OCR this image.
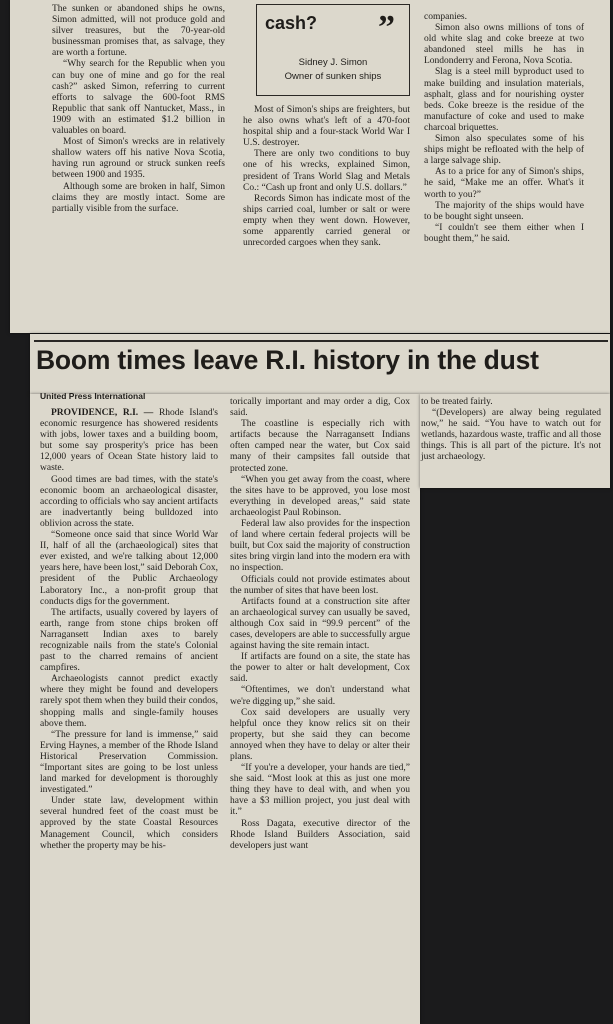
The sunken or abandoned ships he owns, Simon admitted, will not produce gold and silver treasures, but the 70-year-old businessman promises that, as salvage, they are worth a fortune.

“Why search for the Republic when you can buy one of mine and go for the real cash?” asked Simon, referring to current efforts to salvage the 600-foot RMS Republic that sank off Nantucket, Mass., in 1909 with an estimated $1.2 billion in valuables on board.

Most of Simon's wrecks are in relatively shallow waters off his native Nova Scotia, having run aground or struck sunken reefs between 1900 and 1935.

Although some are broken in half, Simon claims they are mostly intact. Some are partially visible from the surface.

cash? ”
Sidney J. Simon
Owner of sunken ships

Most of Simon's ships are freighters, but he also owns what's left of a 470-foot hospital ship and a four-stack World War I U.S. destroyer.

There are only two conditions to buy one of his wrecks, explained Simon, president of Trans World Slag and Metals Co.: “Cash up front and only U.S. dollars.”

Records Simon has indicate most of the ships carried coal, lumber or salt or were empty when they went down. However, some apparently carried general or unrecorded cargoes when they sank.

companies.

Simon also owns millions of tons of old white slag and coke breeze at two abandoned steel mills he has in Londonderry and Ferona, Nova Scotia.

Slag is a steel mill byproduct used to make building and insulation materials, asphalt, glass and for nourishing oyster beds. Coke breeze is the residue of the manufacture of coke and used to make charcoal briquettes.

Simon also speculates some of his ships might be refloated with the help of a large salvage ship.

As to a price for any of Simon's ships, he said, “Make me an offer. What's it worth to you?”

The majority of the ships would have to be bought sight unseen.

“I couldn't see them either when I bought them,” he said.

Boom times leave R.I. history in the dust
United Press International

PROVIDENCE, R.I. — Rhode Island's economic resurgence has showered residents with jobs, lower taxes and a building boom, but some say prosperity's price has been 12,000 years of Ocean State history laid to waste.

Good times are bad times, with the state's economic boom an archaeological disaster, according to officials who say ancient artifacts are inadvertantly being bulldozed into oblivion across the state.

“Someone once said that since World War II, half of all the (archaeological) sites that ever existed, and we're talking about 12,000 years here, have been lost,” said Deborah Cox, president of the Public Archaeology Laboratory Inc., a non-profit group that conducts digs for the government.

The artifacts, usually covered by layers of earth, range from stone chips broken off Narragansett Indian axes to barely recognizable nails from the state's Colonial past to the charred remains of ancient campfires.

Archaeologists cannot predict exactly where they might be found and developers rarely spot them when they build their condos, shopping malls and single-family houses above them.

“The pressure for land is immense,” said Erving Haynes, a member of the Rhode Island Historical Preservation Commission. “Important sites are going to be lost unless land marked for development is thoroughly investigated.”

Under state law, development within several hundred feet of the coast must be approved by the state Coastal Resources Management Council, which considers whether the property may be his-

torically important and may order a dig, Cox said.

The coastline is especially rich with artifacts because the Narragansett Indians often camped near the water, but Cox said many of their campsites fall outside that protected zone.

“When you get away from the coast, where the sites have to be approved, you lose most everything in developed areas,” said state archaeologist Paul Robinson.

Federal law also provides for the inspection of land where certain federal projects will be built, but Cox said the majority of construction sites bring virgin land into the modern era with no inspection.

Officials could not provide estimates about the number of sites that have been lost.

Artifacts found at a construction site after an archaeological survey can usually be saved, although Cox said in “99.9 percent” of the cases, developers are able to successfully argue against having the site remain intact.

If artifacts are found on a site, the state has the power to alter or halt development, Cox said.

“Oftentimes, we don't understand what we're digging up,” she said.

Cox said developers are usually very helpful once they know relics sit on their property, but she said they can become annoyed when they have to delay or alter their plans.

“If you're a developer, your hands are tied,” she said. “Most look at this as just one more thing they have to deal with, and when you have a $3 million project, you just deal with it.”

Ross Dagata, executive director of the Rhode Island Builders Association, said developers just want

to be treated fairly.

“(Developers) are alway being regulated now,” he said. “You have to watch out for wetlands, hazardous waste, traffic and all those things. This is all part of the picture. It's not just archaeology.
